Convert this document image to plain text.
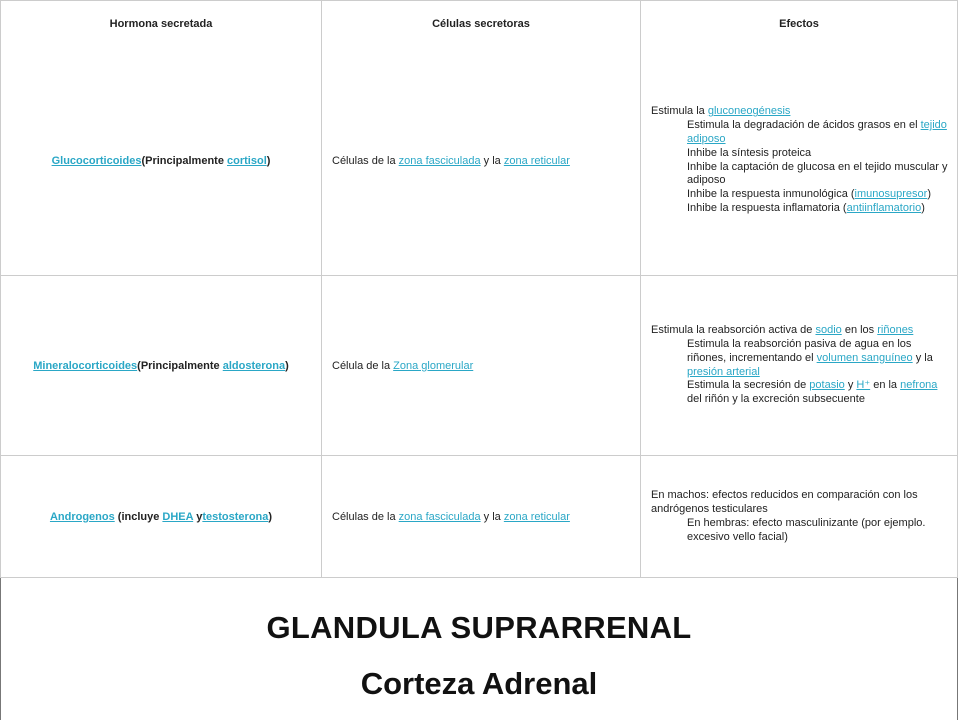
Hormona secretada	Células secretoras	Efectos
Glucocorticoides(Principalmente cortisol)	Células de la zona fasciculada y la zona reticular
Estimula la gluconeogénesis
Estimula la degradación de ácidos grasos en el tejido adiposo
Inhibe la síntesis proteica
Inhibe la captación de glucosa en el tejido muscular y adiposo
Inhibe la respuesta inmunológica (imunosupresor)
Inhibe la respuesta inflamatoria (antiinflamatorio)
Mineralocorticoides(Principalmente aldosterona)	Célula de la Zona glomerular
Estimula la reabsorción activa de sodio en los riñones
Estimula la reabsorción pasiva de agua en los riñones, incrementando el volumen sanguíneo y la presión arterial
Estimula la secresión de potasio y H⁺ en la nefrona del riñón y la excreción subsecuente
Androgenos (incluye DHEA ytestosterona)	Células de la zona fasciculada y la zona reticular
En machos: efectos reducidos en comparación con los andrógenos testiculares
En hembras: efecto masculinizante (por ejemplo. excesivo vello facial)
GLANDULA SUPRARRENAL
Corteza Adrenal
